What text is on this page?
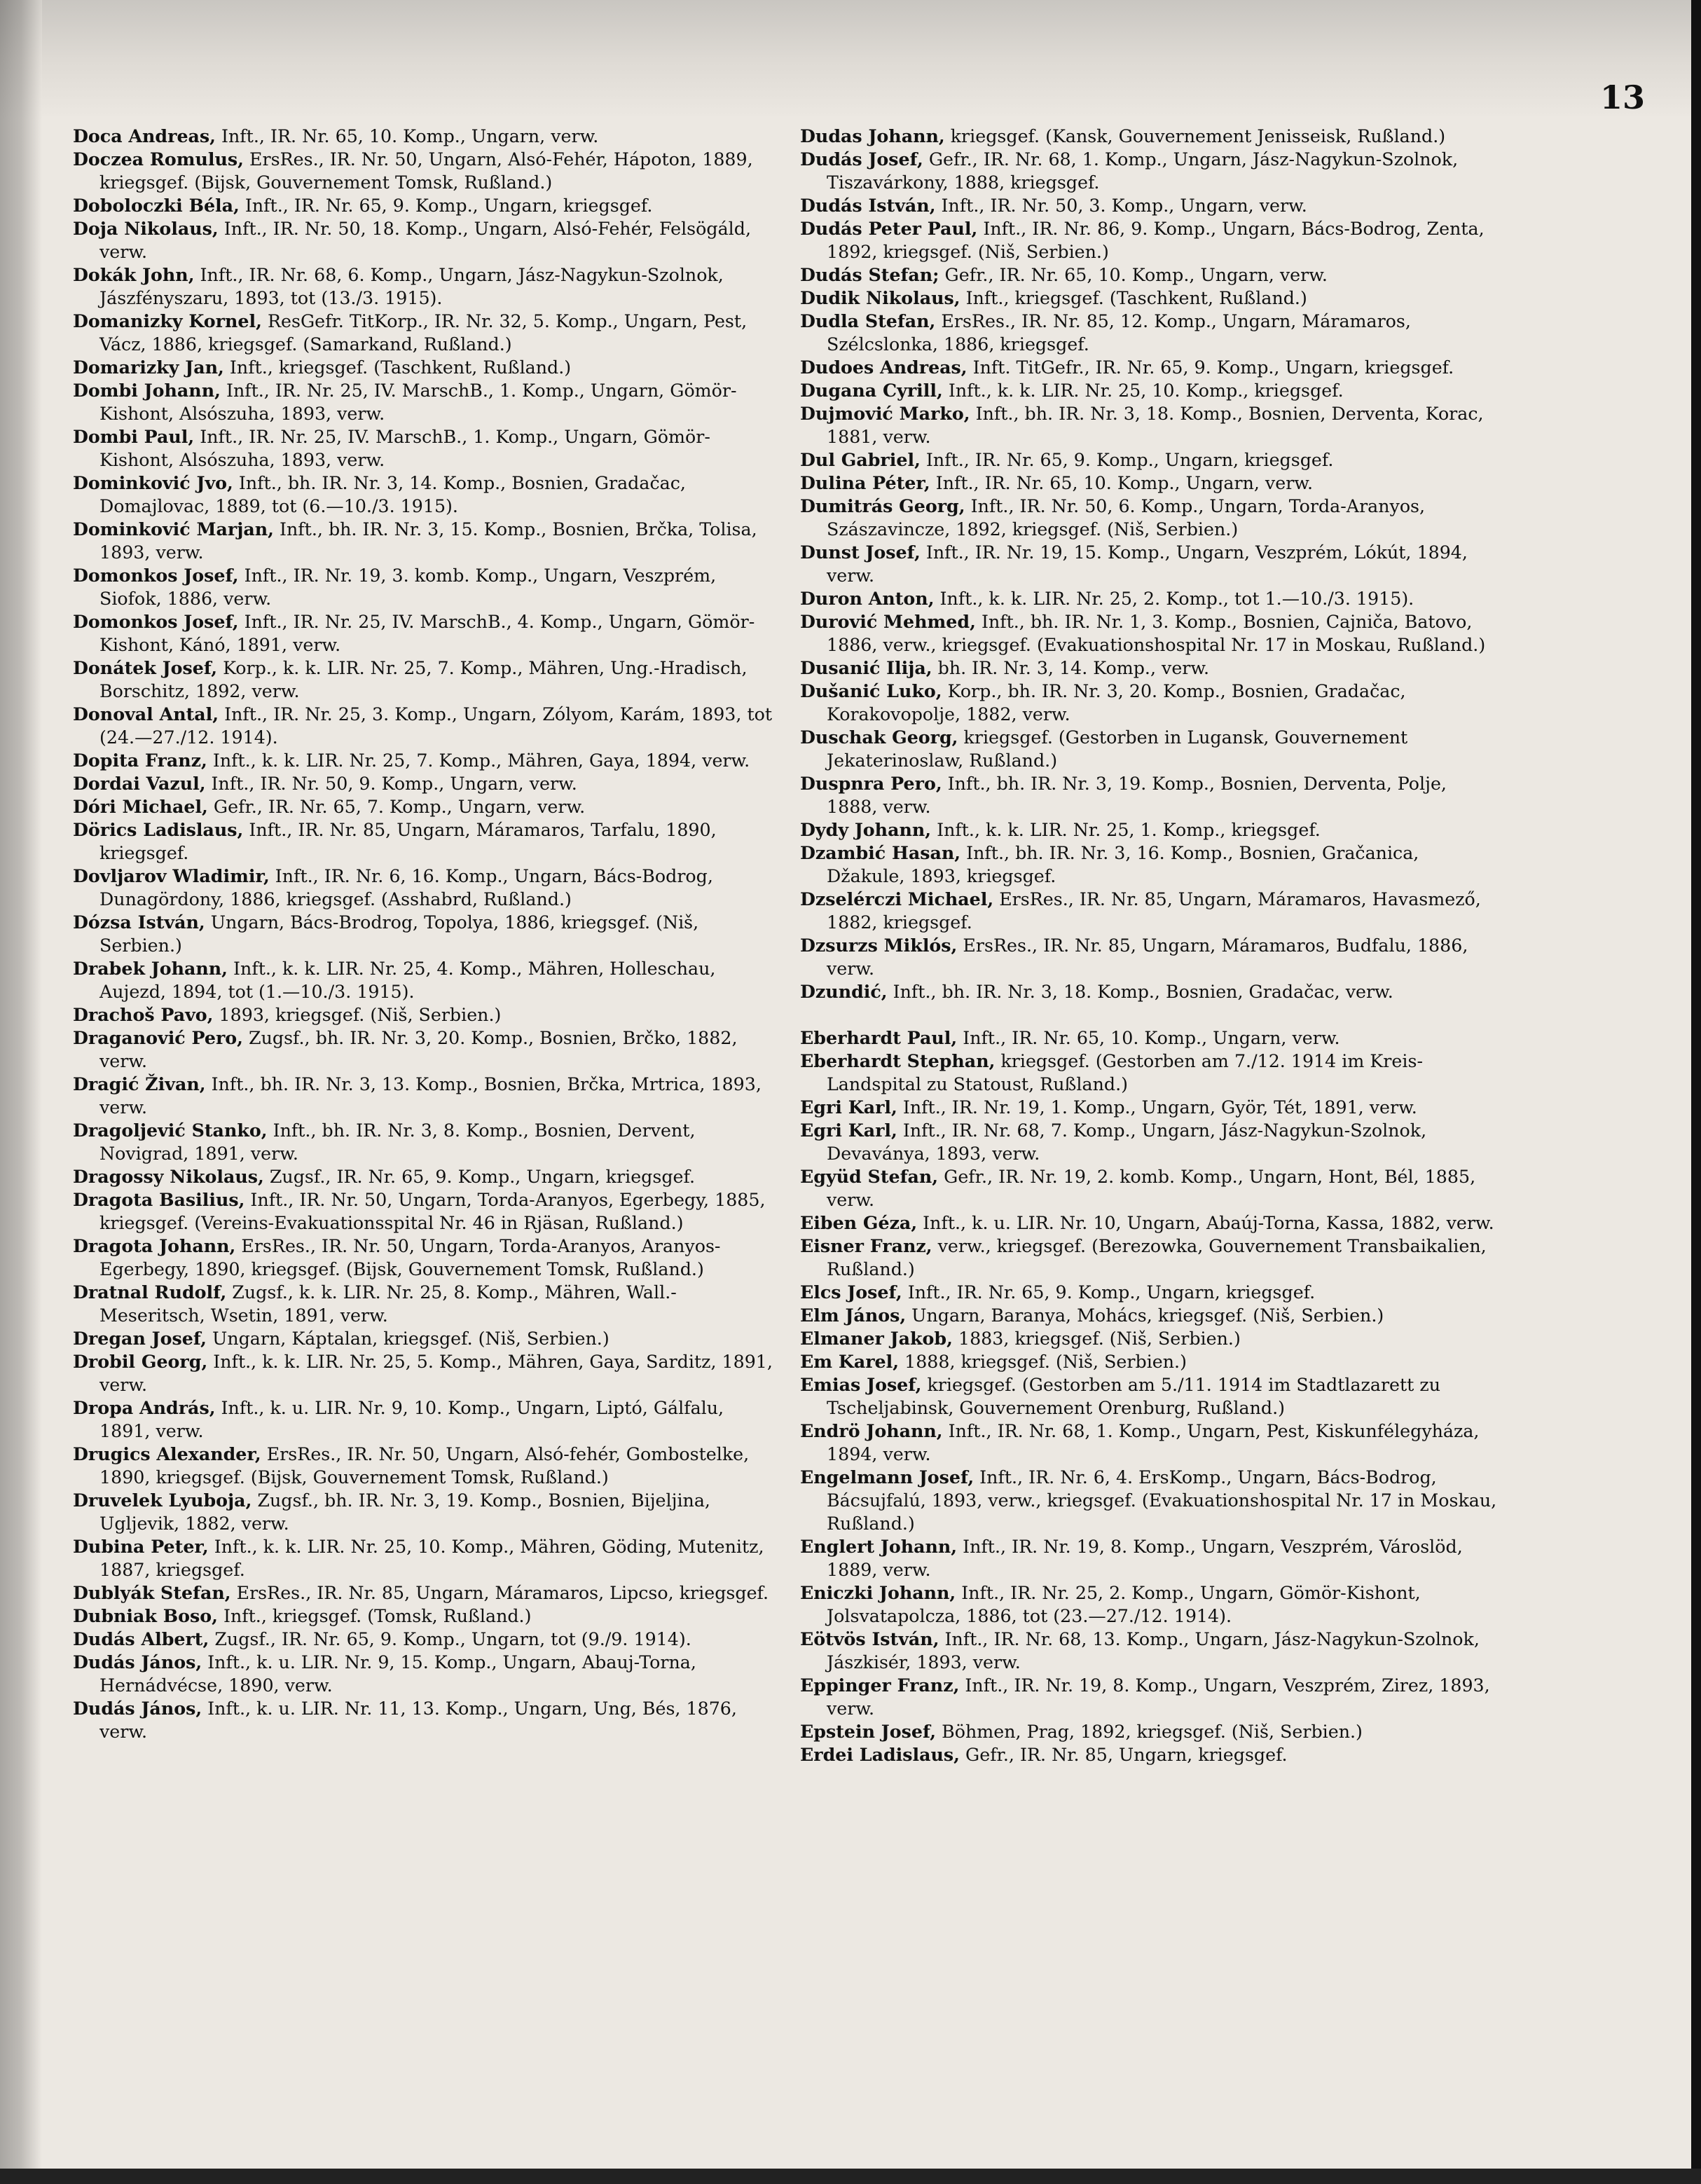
13
Doca Andreas, Inft., IR. Nr. 65, 10. Komp., Ungarn, verw.
Doczea Romulus, ErsRes., IR. Nr. 50, Ungarn, Alsó-Fehér, Hápoton, 1889, kriegsgef. (Bijsk, Gouvernement Tomsk, Rußland.)
Doboloczki Béla, Inft., IR. Nr. 65, 9. Komp., Ungarn, kriegsgef.
Doja Nikolaus, Inft., IR. Nr. 50, 18. Komp., Ungarn, Alsó-Fehér, Felsögáld, verw.
Dokák John, Inft., IR. Nr. 68, 6. Komp., Ungarn, Jász-Nagykun-Szolnok, Jászfényszaru, 1893, tot (13./3. 1915).
Domanizky Kornel, ResGefr. TitKorp., IR. Nr. 32, 5. Komp., Ungarn, Pest, Vácz, 1886, kriegsgef. (Samarkand, Rußland.)
Domarizky Jan, Inft., kriegsgef. (Taschkent, Rußland.)
Dombi Johann, Inft., IR. Nr. 25, IV. MarschB., 1. Komp., Ungarn, Gömör-Kishont, Alsószuha, 1893, verw.
Dombi Paul, Inft., IR. Nr. 25, IV. MarschB., 1. Komp., Ungarn, Gömör-Kishont, Alsószuha, 1893, verw.
Dominković Jvo, Inft., bh. IR. Nr. 3, 14. Komp., Bosnien, Gradačac, Domajlovac, 1889, tot (6.—10./3. 1915).
Dominković Marjan, Inft., bh. IR. Nr. 3, 15. Komp., Bosnien, Brčka, Tolisa, 1893, verw.
Domonkos Josef, Inft., IR. Nr. 19, 3. komb. Komp., Ungarn, Veszprém, Siofok, 1886, verw.
Domonkos Josef, Inft., IR. Nr. 25, IV. MarschB., 4. Komp., Ungarn, Gömör-Kishont, Kánó, 1891, verw.
Donátek Josef, Korp., k. k. LIR. Nr. 25, 7. Komp., Mähren, Ung.-Hradisch, Borschitz, 1892, verw.
Donoval Antal, Inft., IR. Nr. 25, 3. Komp., Ungarn, Zólyom, Karám, 1893, tot (24.—27./12. 1914).
Dopita Franz, Inft., k. k. LIR. Nr. 25, 7. Komp., Mähren, Gaya, 1894, verw.
Dordai Vazul, Inft., IR. Nr. 50, 9. Komp., Ungarn, verw.
Dóri Michael, Gefr., IR. Nr. 65, 7. Komp., Ungarn, verw.
Dörics Ladislaus, Inft., IR. Nr. 85, Ungarn, Máramaros, Tarfalu, 1890, kriegsgef.
Dovljarov Wladimir, Inft., IR. Nr. 6, 16. Komp., Ungarn, Bács-Bodrog, Dunagördony, 1886, kriegsgef. (Asshabrd, Rußland.)
Dózsa István, Ungarn, Bács-Brodrog, Topolya, 1886, kriegsgef. (Niš, Serbien.)
Drabek Johann, Inft., k. k. LIR. Nr. 25, 4. Komp., Mähren, Holleschau, Aujezd, 1894, tot (1.—10./3. 1915).
Drachoš Pavo, 1893, kriegsgef. (Niš, Serbien.)
Draganović Pero, Zugsf., bh. IR. Nr. 3, 20. Komp., Bosnien, Brčko, 1882, verw.
Dragić Živan, Inft., bh. IR. Nr. 3, 13. Komp., Bosnien, Brčka, Mrtrica, 1893, verw.
Dragoljević Stanko, Inft., bh. IR. Nr. 3, 8. Komp., Bosnien, Dervent, Novigrad, 1891, verw.
Dragossy Nikolaus, Zugsf., IR. Nr. 65, 9. Komp., Ungarn, kriegsgef.
Dragota Basilius, Inft., IR. Nr. 50, Ungarn, Torda-Aranyos, Egerbegy, 1885, kriegsgef. (Vereins-Evakuationsspital Nr. 46 in Rjäsan, Rußland.)
Dragota Johann, ErsRes., IR. Nr. 50, Ungarn, Torda-Aranyos, Aranyos-Egerbegy, 1890, kriegsgef. (Bijsk, Gouvernement Tomsk, Rußland.)
Dratnal Rudolf, Zugsf., k. k. LIR. Nr. 25, 8. Komp., Mähren, Wall.-Meseritsch, Wsetin, 1891, verw.
Dregan Josef, Ungarn, Káptalan, kriegsgef. (Niš, Serbien.)
Drobil Georg, Inft., k. k. LIR. Nr. 25, 5. Komp., Mähren, Gaya, Sarditz, 1891, verw.
Dropa András, Inft., k. u. LIR. Nr. 9, 10. Komp., Ungarn, Liptó, Gálfalu, 1891, verw.
Drugics Alexander, ErsRes., IR. Nr. 50, Ungarn, Alsó-fehér, Gombostelke, 1890, kriegsgef. (Bijsk, Gouvernement Tomsk, Rußland.)
Druvelek Lyuboja, Zugsf., bh. IR. Nr. 3, 19. Komp., Bosnien, Bijeljina, Ugljevik, 1882, verw.
Dubina Peter, Inft., k. k. LIR. Nr. 25, 10. Komp., Mähren, Göding, Mutenitz, 1887, kriegsgef.
Dublyák Stefan, ErsRes., IR. Nr. 85, Ungarn, Máramaros, Lipcso, kriegsgef.
Dubniak Boso, Inft., kriegsgef. (Tomsk, Rußland.)
Dudás Albert, Zugsf., IR. Nr. 65, 9. Komp., Ungarn, tot (9./9. 1914).
Dudás János, Inft., k. u. LIR. Nr. 9, 15. Komp., Ungarn, Abauj-Torna, Hernádvécse, 1890, verw.
Dudás János, Inft., k. u. LIR. Nr. 11, 13. Komp., Ungarn, Ung, Bés, 1876, verw.
Dudas Johann, kriegsgef. (Kansk, Gouvernement Jenisseisk, Rußland.)
Dudás Josef, Gefr., IR. Nr. 68, 1. Komp., Ungarn, Jász-Nagykun-Szolnok, Tiszavárkony, 1888, kriegsgef.
Dudás István, Inft., IR. Nr. 50, 3. Komp., Ungarn, verw.
Dudás Peter Paul, Inft., IR. Nr. 86, 9. Komp., Ungarn, Bács-Bodrog, Zenta, 1892, kriegsgef. (Niš, Serbien.)
Dudás Stefan; Gefr., IR. Nr. 65, 10. Komp., Ungarn, verw.
Dudik Nikolaus, Inft., kriegsgef. (Taschkent, Rußland.)
Dudla Stefan, ErsRes., IR. Nr. 85, 12. Komp., Ungarn, Máramaros, Szélcslonka, 1886, kriegsgef.
Dudoes Andreas, Inft. TitGefr., IR. Nr. 65, 9. Komp., Ungarn, kriegsgef.
Dugana Cyrill, Inft., k. k. LIR. Nr. 25, 10. Komp., kriegsgef.
Dujmović Marko, Inft., bh. IR. Nr. 3, 18. Komp., Bosnien, Derventa, Korac, 1881, verw.
Dul Gabriel, Inft., IR. Nr. 65, 9. Komp., Ungarn, kriegsgef.
Dulina Péter, Inft., IR. Nr. 65, 10. Komp., Ungarn, verw.
Dumitrás Georg, Inft., IR. Nr. 50, 6. Komp., Ungarn, Torda-Aranyos, Szászavincze, 1892, kriegsgef. (Niš, Serbien.)
Dunst Josef, Inft., IR. Nr. 19, 15. Komp., Ungarn, Veszprém, Lókút, 1894, verw.
Duron Anton, Inft., k. k. LIR. Nr. 25, 2. Komp., tot 1.—10./3. 1915).
Durović Mehmed, Inft., bh. IR. Nr. 1, 3. Komp., Bosnien, Cajniča, Batovo, 1886, verw., kriegsgef. (Evakuationshospital Nr. 17 in Moskau, Rußland.)
Dusanić Ilija, bh. IR. Nr. 3, 14. Komp., verw.
Dušanić Luko, Korp., bh. IR. Nr. 3, 20. Komp., Bosnien, Gradačac, Korakovopolje, 1882, verw.
Duschak Georg, kriegsgef. (Gestorben in Lugansk, Gouvernement Jekaterinoslaw, Rußland.)
Duspnra Pero, Inft., bh. IR. Nr. 3, 19. Komp., Bosnien, Derventa, Polje, 1888, verw.
Dydy Johann, Inft., k. k. LIR. Nr. 25, 1. Komp., kriegsgef.
Dzambić Hasan, Inft., bh. IR. Nr. 3, 16. Komp., Bosnien, Gračanica, Džakule, 1893, kriegsgef.
Dzselérczi Michael, ErsRes., IR. Nr. 85, Ungarn, Máramaros, Havasmező, 1882, kriegsgef.
Dzsurzs Miklós, ErsRes., IR. Nr. 85, Ungarn, Máramaros, Budfalu, 1886, verw.
Dzundić, Inft., bh. IR. Nr. 3, 18. Komp., Bosnien, Gradačac, verw.
Eberhardt Paul, Inft., IR. Nr. 65, 10. Komp., Ungarn, verw.
Eberhardt Stephan, kriegsgef. (Gestorben am 7./12. 1914 im Kreis-Landspital zu Statoust, Rußland.)
Egri Karl, Inft., IR. Nr. 19, 1. Komp., Ungarn, Györ, Tét, 1891, verw.
Egri Karl, Inft., IR. Nr. 68, 7. Komp., Ungarn, Jász-Nagykun-Szolnok, Devaványa, 1893, verw.
Együd Stefan, Gefr., IR. Nr. 19, 2. komb. Komp., Ungarn, Hont, Bél, 1885, verw.
Eiben Géza, Inft., k. u. LIR. Nr. 10, Ungarn, Abaúj-Torna, Kassa, 1882, verw.
Eisner Franz, verw., kriegsgef. (Berezowka, Gouvernement Transbaikalien, Rußland.)
Elcs Josef, Inft., IR. Nr. 65, 9. Komp., Ungarn, kriegsgef.
Elm János, Ungarn, Baranya, Mohács, kriegsgef. (Niš, Serbien.)
Elmaner Jakob, 1883, kriegsgef. (Niš, Serbien.)
Em Karel, 1888, kriegsgef. (Niš, Serbien.)
Emias Josef, kriegsgef. (Gestorben am 5./11. 1914 im Stadtlazarett zu Tscheljabinsk, Gouvernement Orenburg, Rußland.)
Endrö Johann, Inft., IR. Nr. 68, 1. Komp., Ungarn, Pest, Kiskunfélegyháza, 1894, verw.
Engelmann Josef, Inft., IR. Nr. 6, 4. ErsKomp., Ungarn, Bács-Bodrog, Bácsujfalú, 1893, verw., kriegsgef. (Evakuationshospital Nr. 17 in Moskau, Rußland.)
Englert Johann, Inft., IR. Nr. 19, 8. Komp., Ungarn, Veszprém, Városlöd, 1889, verw.
Eniczki Johann, Inft., IR. Nr. 25, 2. Komp., Ungarn, Gömör-Kishont, Jolsvatapolcza, 1886, tot (23.—27./12. 1914).
Eötvös István, Inft., IR. Nr. 68, 13. Komp., Ungarn, Jász-Nagykun-Szolnok, Jászkisér, 1893, verw.
Eppinger Franz, Inft., IR. Nr. 19, 8. Komp., Ungarn, Veszprém, Zirez, 1893, verw.
Epstein Josef, Böhmen, Prag, 1892, kriegsgef. (Niš, Serbien.)
Erdei Ladislaus, Gefr., IR. Nr. 85, Ungarn, kriegsgef.
